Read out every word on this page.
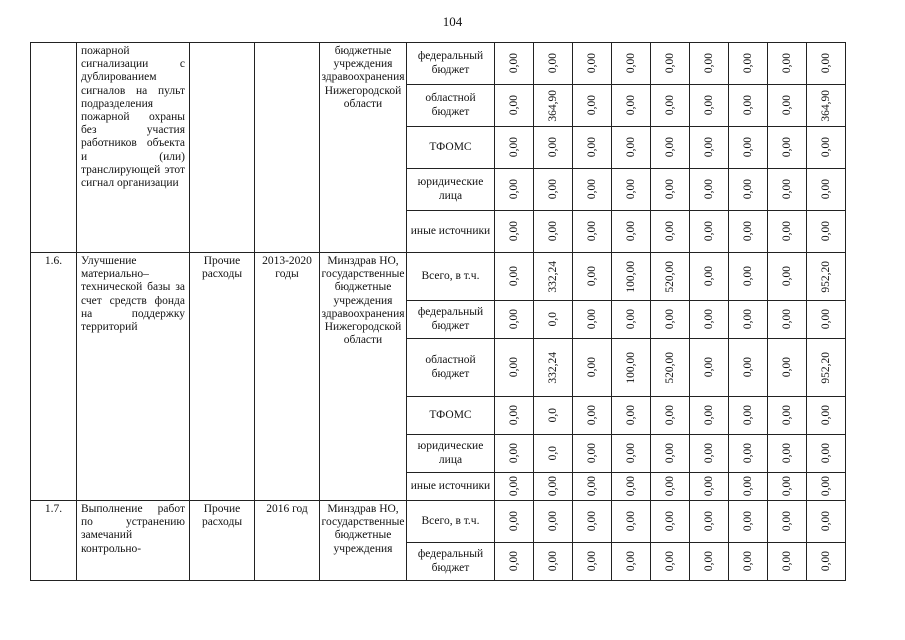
104
	пожарной сигнализации с дублированием сигналов на пульт подразделения пожарной охраны без участия работников объекта и (или) транслирующей этот сигнал организации			бюджетные учреждения здравоохранения Нижегородской области	федеральный бюджет	0,00	0,00	0,00	0,00	0,00	0,00	0,00	0,00	0,00

					областной бюджет	0,00	364,90	0,00	0,00	0,00	0,00	0,00	0,00	364,90

					ТФОМС	0,00	0,00	0,00	0,00	0,00	0,00	0,00	0,00	0,00

					юридические лица	0,00	0,00	0,00	0,00	0,00	0,00	0,00	0,00	0,00

					иные источники	0,00	0,00	0,00	0,00	0,00	0,00	0,00	0,00	0,00

1.6.	Улучшение материально–технической базы за счет средств фонда на поддержку территорий	Прочие расходы	2013-2020 годы	Минздрав НО, государственные бюджетные учреждения здравоохранения Нижегородской области	Всего, в т.ч.	0,00	332,24	0,00	100,00	520,00	0,00	0,00	0,00	952,20

					федеральный бюджет	0,00	0,0	0,00	0,00	0,00	0,00	0,00	0,00	0,00

					областной бюджет	0,00	332,24	0,00	100,00	520,00	0,00	0,00	0,00	952,20

					ТФОМС	0,00	0,0	0,00	0,00	0,00	0,00	0,00	0,00	0,00

					юридические лица	0,00	0,0	0,00	0,00	0,00	0,00	0,00	0,00	0,00

					иные источники	0,00	0,00	0,00	0,00	0,00	0,00	0,00	0,00	0,00

1.7.	Выполнение работ по устранению замечаний контрольно-	Прочие расходы	2016 год	Минздрав НО, государственные бюджетные учреждения	Всего, в т.ч.	0,00	0,00	0,00	0,00	0,00	0,00	0,00	0,00	0,00

					федеральный бюджет	0,00	0,00	0,00	0,00	0,00	0,00	0,00	0,00	0,00
